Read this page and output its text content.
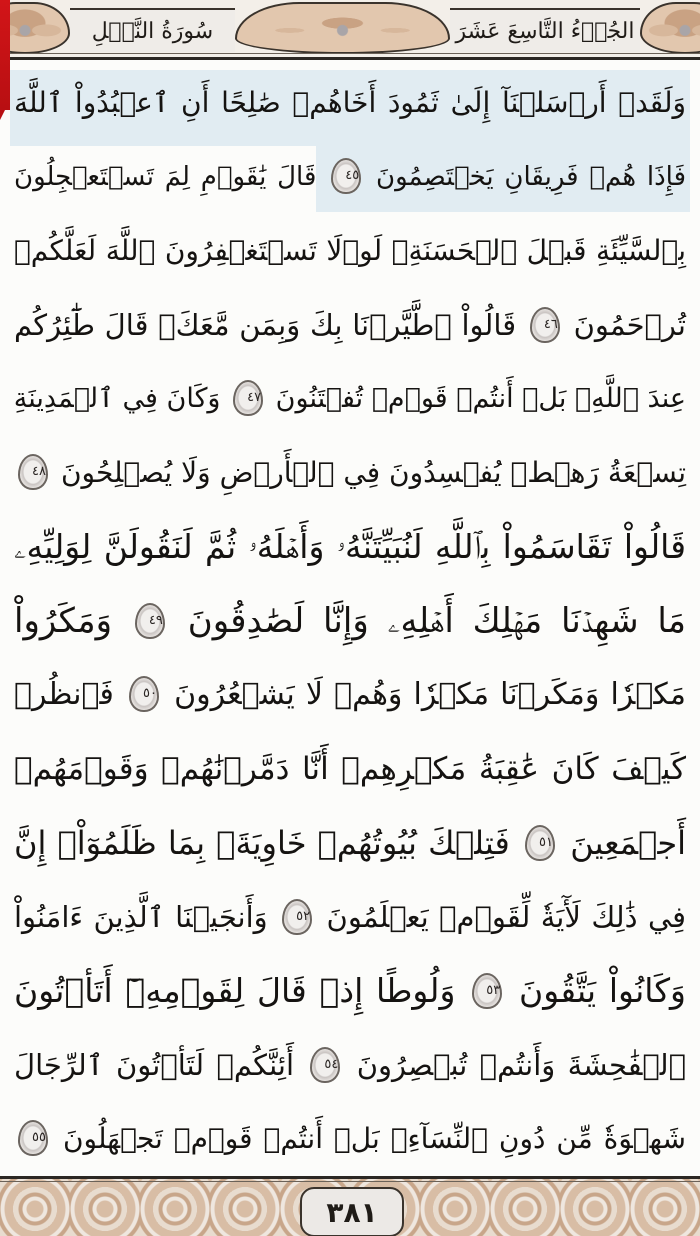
سُورَةُ النَّمۡلِ	الجُزۡءُ التَّاسِعَ عَشَرَ
وَلَقَدۡ أَرۡسَلۡنَآ إِلَىٰ ثَمُودَ أَخَاهُمۡ صَٰلِحًا أَنِ ٱعۡبُدُواْ ٱللَّهَ
فَإِذَا هُمۡ فَرِيقَانِ يَخۡتَصِمُونَ ٤٥ قَالَ يَٰقَوۡمِ لِمَ تَسۡتَعۡجِلُونَ
بِٱلسَّيِّئَةِ قَبۡلَ ٱلۡحَسَنَةِۖ لَوۡلَا تَسۡتَغۡفِرُونَ ٱللَّهَ لَعَلَّكُمۡ
تُرۡحَمُونَ ٤٦ قَالُواْ ٱطَّيَّرۡنَا بِكَ وَبِمَن مَّعَكَۚ قَالَ طَٰٓئِرُكُم
عِندَ ٱللَّهِۖ بَلۡ أَنتُمۡ قَوۡمٞ تُفۡتَنُونَ ٤٧ وَكَانَ فِي ٱلۡمَدِينَةِ
تِسۡعَةُ رَهۡطٖ يُفۡسِدُونَ فِي ٱلۡأَرۡضِ وَلَا يُصۡلِحُونَ ٤٨
قَالُواْ تَقَاسَمُواْ بِٱللَّهِ لَنُبَيِّتَنَّهُۥ وَأَهۡلَهُۥ ثُمَّ لَنَقُولَنَّ لِوَلِيِّهِۦ
مَا شَهِدۡنَا مَهۡلِكَ أَهۡلِهِۦ وَإِنَّا لَصَٰدِقُونَ ٤٩ وَمَكَرُواْ
مَكۡرٗا وَمَكَرۡنَا مَكۡرٗا وَهُمۡ لَا يَشۡعُرُونَ ٥٠ فَٱنظُرۡ
كَيۡفَ كَانَ عَٰقِبَةُ مَكۡرِهِمۡ أَنَّا دَمَّرۡنَٰهُمۡ وَقَوۡمَهُمۡ
أَجۡمَعِينَ ٥١ فَتِلۡكَ بُيُوتُهُمۡ خَاوِيَةَۢ بِمَا ظَلَمُوٓاْۚ إِنَّ
فِي ذَٰلِكَ لَأٓيَةٗ لِّقَوۡمٖ يَعۡلَمُونَ ٥٢ وَأَنجَيۡنَا ٱلَّذِينَ ءَامَنُواْ
وَكَانُواْ يَتَّقُونَ ٥٣ وَلُوطًا إِذۡ قَالَ لِقَوۡمِهِۦٓ أَتَأۡتُونَ
ٱلۡفَٰحِشَةَ وَأَنتُمۡ تُبۡصِرُونَ ٥٤ أَئِنَّكُمۡ لَتَأۡتُونَ ٱلرِّجَالَ
شَهۡوَةٗ مِّن دُونِ ٱلنِّسَآءِۚ بَلۡ أَنتُمۡ قَوۡمٞ تَجۡهَلُونَ ٥٥
٣٨١
